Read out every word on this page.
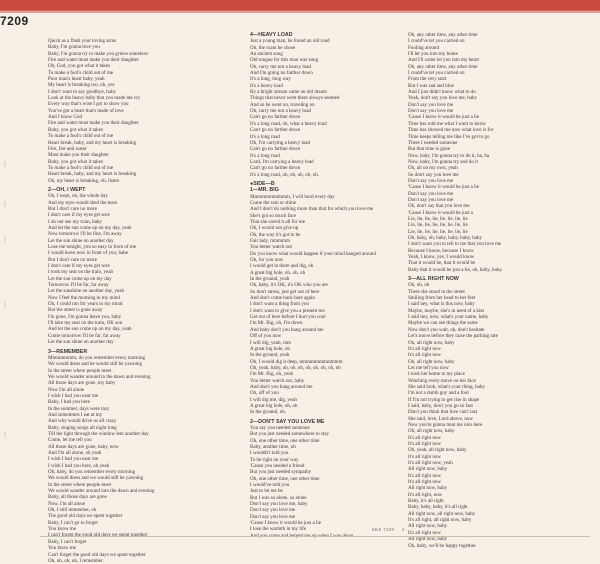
7209
｜
｜
｜
｜
｜
Quick as a flash your loving arms
Baby, I'm gonna love you
Baby, I'm gonna try to make you grieve somehow
Fire and water must make you their daughter
Oh, God, you got what it takes
To make a fool's child out of me
Poor man's heart baby, yeah
My heart is breaking too, oh, yes
I don't want to say goodbye, baby
Look at the heavy baby that you made me cry
Every way that's wise I got to show you
You've got a heart that's made of love
And I know God
Fire and water must make you their daughter
Baby, you got what it takes
To make a fool's child out of me
Heart break, baby, and my heart is breaking
Fire, fire and water
Must make you their daughter
Baby, you got what it takes
To make a fool's child out of me
Heart break, baby, and my heart is breaking
Oh, my heart is breaking, oh, listen
2—OH, I WEPT
Oh, I wept, oh, the whole day
And my eyes would shed the tears
But I don't care no more
I don't care if my eyes get sore
I do not see my train, baby
And let the sun come up on my day, yeah
Now tomorrow I'll be fine, I'm away
Let the sun shine on another day
Lose me tonight, you so easy in front of me
I would leave now in front of you, babe
But I don't care no more
I don't care if my eyes get sore
I took my seat on the train, yeah
Let the sun come up on my day
Tomorrow I'll be far, far away
Let the sunshine on another day, yeah
Now I feel the morning in my mind
Oh, I could run for years in my mind
But the street is gone away
I'm gone, I'm gonna leave you, baby
I'll take my seat on the train, OK son
And let the sun come up on my day, yeah
Come tomorrow I'll be far, far away
Let the sun shine on another day
3—REMEMBER
Mmmmmmm, do you remember every morning
We would dress and be would still be yawning
In the street where people meet
We would wander around in the dawn and evening
All those days are gone, my baby
Now I'm all alone
I wish I had you near me
Baby, I had you here
In the summer, days were lazy
And sometimes I eat at my
And why would drive us all crazy
Baby, singing songs all night long
Till the light through the window lent another day
Come, let me tell you
All those days are gone, baby, now
And I'm all alone, oh yeah
I wish I had you near me
I wish I had you here, oh yeah
Oh, baby, do you remember every morning
We would dress and we would still be yawning
In the street where people meet
We would wander around into the dawn and evening
Baby, all those days are gone
Now, I'm all alone
Oh, I still remember, oh
The good old days we spent together
Baby, I can't go to forget
You know me
I can't forget the good old days we spent together
Baby, I can't forget
You know me
Can't forget the good old days we spent together
Oh, oh, oh, oh, I remember.
4—HEAVY LOAD
Just a young man, he found an old road
Oh, the roam he chose
An ancient song
Old tongue for this man was sung
Oh, carry me not a heavy load
And I'm going no farther down
It's a long, long way
It's a heavy load
By a bright stream came an old dream
Things that never went there always seemed
And so he went on, traveling on
Oh, carry me not a heavy load
Can't go no farther down
It's a long road, oh, what a heavy load
Can't go no farther down
It's a long road
Oh, I'm carrying a heavy load
Can't go no farther down
It's a long road
Lord, I'm carrying a heavy load
Can't go no farther down
It's a long road, oh, oh, oh, oh, oh.
●SIDE—B
1—MR. BIG
Mmmmmmmmmm, I will hurd every day
Come the rain or shine
And I don't do nothing more than that for which you love me
She's got so much face
That she saved it all for me
Oh, I would not give up
Oh, the way it's got to be
Fair lady, mmmmm
You better watch out
Do you know what would happen if your mind hanged around
Oh, for you now
I would get in there and dig, oh
A great big hole, oh, oh, oh
In the ground, yeah
Oh, baby, it's OK, it's OK who you are
So don't stress, just get out of here
And don't come back here again
I don't want a thing from you
I don't want to give you a present too
Get out of here before I hurt you cool
I'm Mr. Big, oh, I'm down
And baby don't you hang around me
Off of you now
I will dig, yeah, mm
A great big hole, oh
In the ground, yeah
Oh, I would dig it deep, mmmmmmmmmmm
Oh, yeah, baby, oh, oh, oh, oh, oh, oh, oh, oh
I'm Mr. Big, oh, yeah
You better watch out, baby
And don't you hang around me
Oh, off of you
I will dig me, dig, yeah
A great big hole, oh, oh
In the ground, oh.
2—DON'T SAY YOU LOVE ME
You say you needed someone
But you just needed somewhere to stay
Oh, one other time, one other time
Baby, another time, oh
I wouldn't told you
To be right on your way
'Cause you needed a friend
But you just needed sympathy
Oh, one other time, one other time
I would've told you
Just to let me be
But I was so alone, so alone
Don't say you love me, baby
Don't say you love me
Don't say you love me
'Cause I know it would be just a lie
I lose the warmth in my life
And you come and helped me up when I was down
Oh, any other time, any other time
I could've let you carried on
Fooling around
I'll let you into my home
And I'll come let you into my heart
Oh, any other time, any other time
I could've let you carried on
From the very start
But I was sad and blue
And I just didn't know what to do
Yeah, don't say you love me, baby
Don't say you love me
Don't say you love me
'Cause I know it would be just a lie
Time has told me what I want to know
Time has showed me now what love is for
Time keeps telling me like I've got to go
There I needed someone
But that time is gone
Now, baby, I'm gonna try to do it, ha, ha
Now, baby, I'm gonna try and do it
Oh, all on my own, yeah
So don't say you love me
Don't say you love me
'Cause I know it would be just a lie
Don't say you love me
Don't say you love me
Oh, don't say that you love me
'Cause I know it would be just a
Lie, lie, lie, lie, lie, lie, lie, lie
Lie, lie, lie, lie, lie, lie, lie, lie
Lie, lie, lie, lie, lie, lie, lie, lie
Oh, baby, oh, baby, baby, baby, baby
I don't want you to tell to me that you love me
Because I know, because I know
Yeah, I know, yes, I would know
That it would be, that it would be
Baby that it would be just a lie, oh, baby, baby.
3—ALL RIGHT NOW
Oh, oh, oh
There she stood in the street
Smiling from her head to her feet
I said hey, what is this now, baby
Maybe, maybe, she's in need of a kiss
I said hey, now, what's your name, baby
Maybe we can see things the same
Now don't you wait, oh, don't hesitate
Let's move before they raise the parking rate
Oh, all right now, baby
It's all right now
It's all right now
Oh, all right now, baby
Let me tell you now
I took her home to my place
Watching every move on her face
She said look, what's your thing, baby
I'm not a dumb guy and a fool
If I'm not trying to get rise in shape
I said, baby, don't you go so fast
Don't you think that love can't last
She said, love, Lord above, now
Now you're gonna treat me nice here
Oh, all right now, baby
It's all right now
It's all right now
Oh, yeah, all right now, baby
It's all right now
It's all right now, yeah
All right now, baby
It's all right now
It's all right now
All right now, baby
It's all right, now
Baby, it's all right
Baby, baby, baby, it's all right
All right now, all right now, baby
It's all right, all right now, baby
All right now, baby
It's all right now
All right now, baby
Oh, baby, we'll be happy together.
SKS 7209 2
